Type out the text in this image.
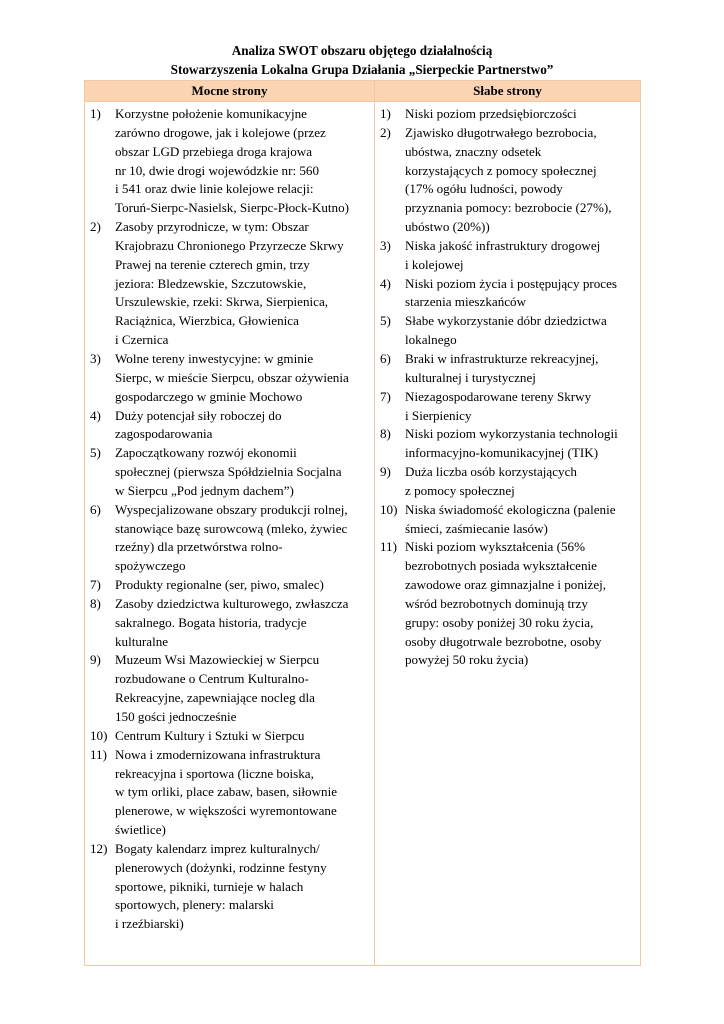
Analiza SWOT obszaru objętego działalnością
Stowarzyszenia Lokalna Grupa Działania „Sierpeckie Partnerstwo”
Mocne strony	Słabe strony
1) Korzystne położenie komunikacyjne
zarówno drogowe, jak i kolejowe (przez
obszar LGD przebiega droga krajowa
nr 10, dwie drogi wojewódzkie nr: 560
i 541 oraz dwie linie kolejowe relacji:
Toruń-Sierpc-Nasielsk, Sierpc-Płock-Kutno)
2) Zasoby przyrodnicze, w tym: Obszar
Krajobrazu Chronionego Przyrzecze Skrwy
Prawej na terenie czterech gmin, trzy
jeziora: Bledzewskie, Szczutowskie,
Urszulewskie, rzeki: Skrwa, Sierpienica,
Raciążnica, Wierzbica, Głowienica
i Czernica
3) Wolne tereny inwestycyjne: w gminie
Sierpc, w mieście Sierpcu, obszar ożywienia
gospodarczego w gminie Mochowo
4) Duży potencjał siły roboczej do
zagospodarowania
5) Zapoczątkowany rozwój ekonomii
społecznej (pierwsza Spółdzielnia Socjalna
w Sierpcu „Pod jednym dachem”)
6) Wyspecjalizowane obszary produkcji rolnej,
stanowiące bazę surowcową (mleko, żywiec
rzeźny) dla przetwórstwa rolno-
spożywczego
7) Produkty regionalne (ser, piwo, smalec)
8) Zasoby dziedzictwa kulturowego, zwłaszcza
sakralnego. Bogata historia, tradycje
kulturalne
9) Muzeum Wsi Mazowieckiej w Sierpcu
rozbudowane o Centrum Kulturalno-
Rekreacyjne, zapewniające nocleg dla
150 gości jednocześnie
10) Centrum Kultury i Sztuki w Sierpcu
11) Nowa i zmodernizowana infrastruktura
rekreacyjna i sportowa (liczne boiska,
w tym orliki, place zabaw, basen, siłownie
plenerowe, w większości wyremontowane
świetlice)
12) Bogaty kalendarz imprez kulturalnych/
plenerowych (dożynki, rodzinne festyny
sportowe, pikniki, turnieje w halach
sportowych, plenery: malarski
i rzeźbiarski)
1) Niski poziom przedsiębiorczości
2) Zjawisko długotrwałego bezrobocia,
ubóstwa, znaczny odsetek
korzystających z pomocy społecznej
(17% ogółu ludności, powody
przyznania pomocy: bezrobocie (27%),
ubóstwo (20%))
3) Niska jakość infrastruktury drogowej
i kolejowej
4) Niski poziom życia i postępujący proces
starzenia mieszkańców
5) Słabe wykorzystanie dóbr dziedzictwa
lokalnego
6) Braki w infrastrukturze rekreacyjnej,
kulturalnej i turystycznej
7) Niezagospodarowane tereny Skrwy
i Sierpienicy
8) Niski poziom wykorzystania technologii
informacyjno-komunikacyjnej (TIK)
9) Duża liczba osób korzystających
z pomocy społecznej
10) Niska świadomość ekologiczna (palenie
śmieci, zaśmiecanie lasów)
11) Niski poziom wykształcenia (56%
bezrobotnych posiada wykształcenie
zawodowe oraz gimnazjalne i poniżej,
wśród bezrobotnych dominują trzy
grupy: osoby poniżej 30 roku życia,
osoby długotrwale bezrobotne, osoby
powyżej 50 roku życia)
